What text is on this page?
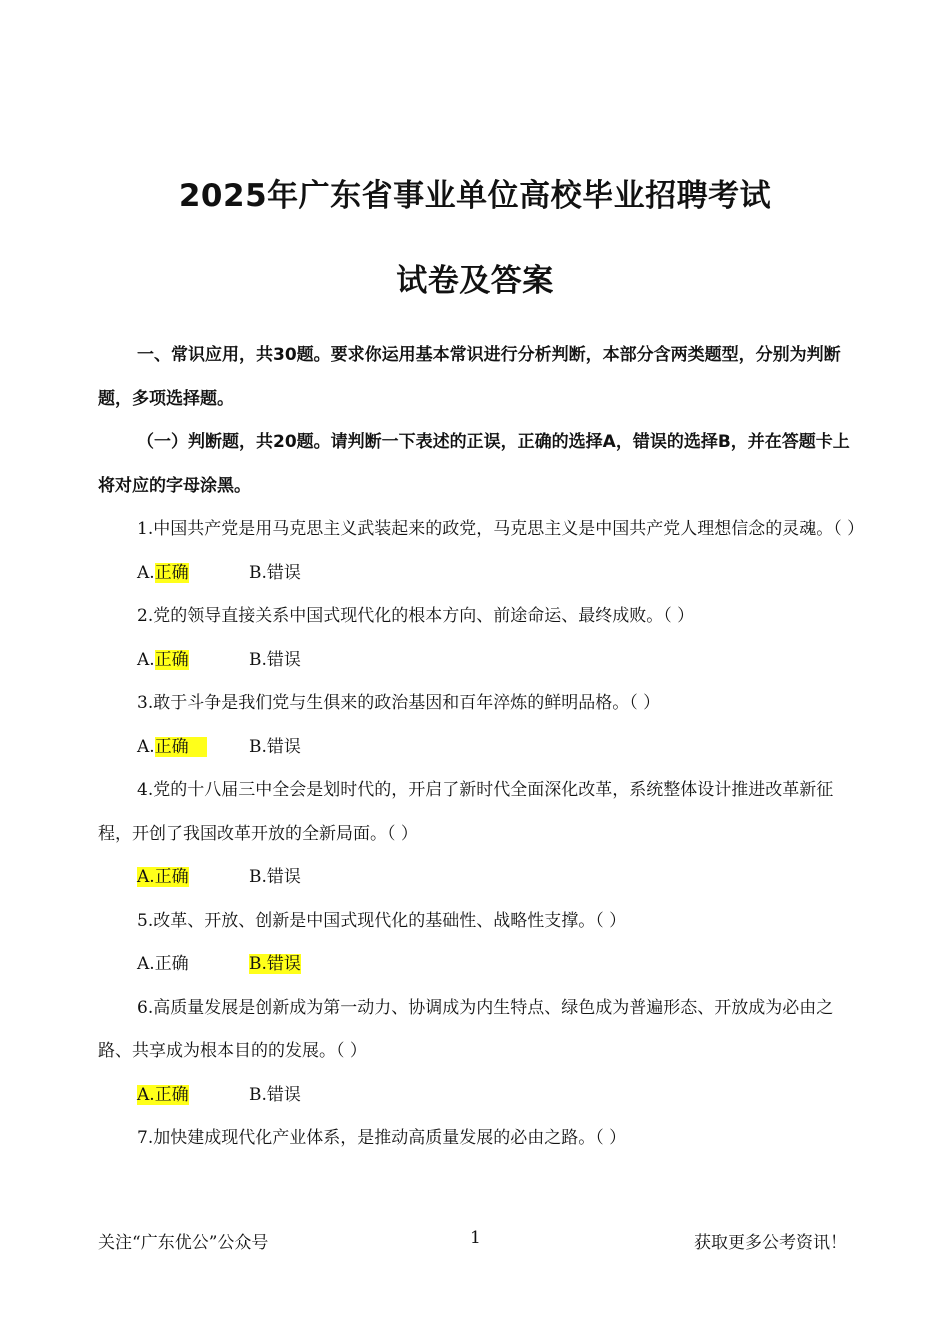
2025年广东省事业单位高校毕业招聘考试
试卷及答案

一、常识应用，共30题。要求你运用基本常识进行分析判断，本部分含两类题型，分别为判断题，多项选择题。

（一）判断题，共20题。请判断一下表述的正误，正确的选择A，错误的选择B，并在答题卡上将对应的字母涂黑。

1.中国共产党是用马克思主义武装起来的政党，马克思主义是中国共产党人理想信念的灵魂。（ ）

A.正确	B.错误

2.党的领导直接关系中国式现代化的根本方向、前途命运、最终成败。（ ）

A.正确	B.错误

3.敢于斗争是我们党与生俱来的政治基因和百年淬炼的鲜明品格。（ ）

A.正确	B.错误

4.党的十八届三中全会是划时代的，开启了新时代全面深化改革，系统整体设计推进改革新征程，开创了我国改革开放的全新局面。（ ）

A.正确	B.错误

5.改革、开放、创新是中国式现代化的基础性、战略性支撑。（ ）

A.正确	B.错误

6.高质量发展是创新成为第一动力、协调成为内生特点、绿色成为普遍形态、开放成为必由之路、共享成为根本目的的发展。（ ）

A.正确	B.错误

7.加快建成现代化产业体系，是推动高质量发展的必由之路。（ ）

关注“广东优公”公众号	1	获取更多公考资讯！
